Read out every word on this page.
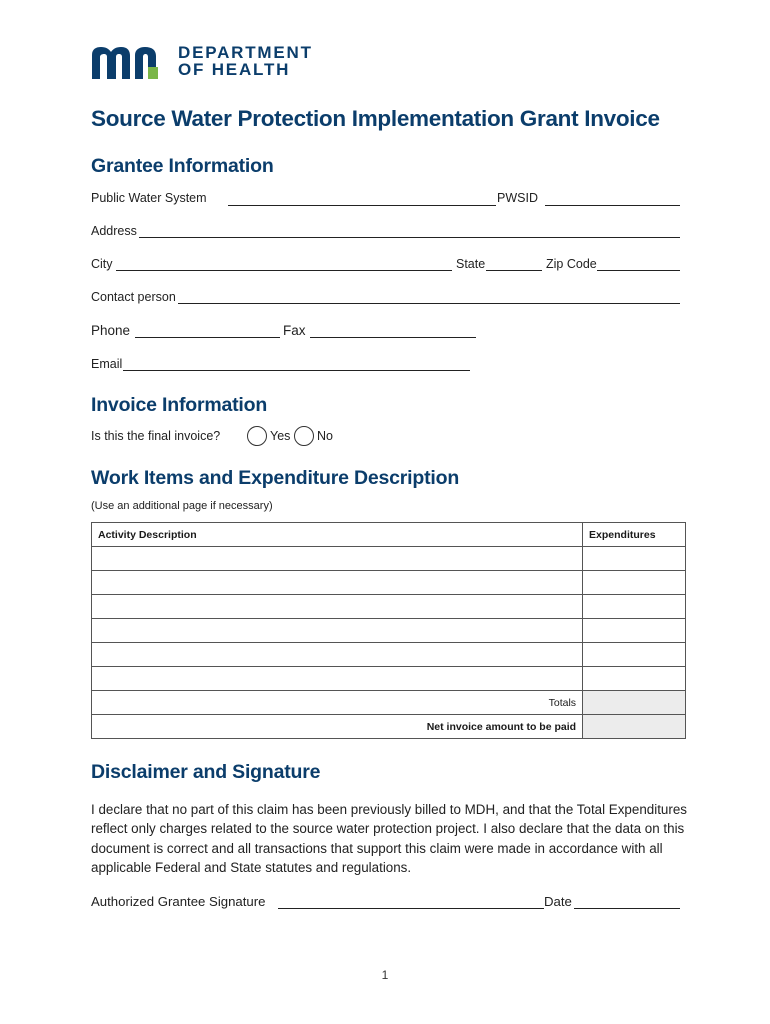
DEPARTMENT
OF HEALTH
Source Water Protection Implementation Grant Invoice
Grantee Information
Public Water System	PWSID
Address
City	State	Zip Code
Contact person
Phone	Fax
Email
Invoice Information
Is this the final invoice?	Yes No
Work Items and Expenditure Description
(Use an additional page if necessary)
Activity Description	Expenditures

Totals	
Net invoice amount to be paid	
Disclaimer and Signature
I declare that no part of this claim has been previously billed to MDH, and that the Total Expenditures reflect only charges related to the source water protection project. I also declare that the data on this document is correct and all transactions that support this claim were made in accordance with all applicable Federal and State statutes and regulations.
Authorized Grantee Signature	Date
1
